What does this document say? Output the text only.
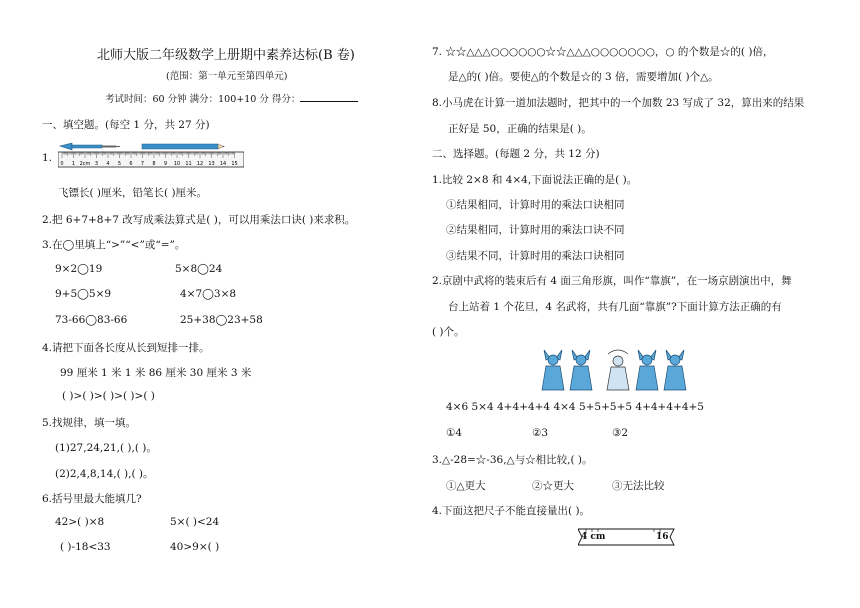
北师大版二年级数学上册期中素养达标(B 卷)
(范围：第一单元至第四单元)
考试时间：60 分钟 满分：100+10 分 得分：
一、填空题。(每空 1 分，共 27 分)
1. 0 1 2cm 3 4 5 6 7 8 9 10 11 12 13 14 15
飞镖长( )厘米，铅笔长( )厘米。
2.把 6+7+8+7 改写成乘法算式是( )，可以用乘法口诀( )来求积。
3.在◯里填上“>”“<”或“=”。
9×2◯19	5×8◯24
9+5◯5×9	4×7◯3×8
73-66◯83-66	25+38◯23+58
4.请把下面各长度从长到短排一排。
99 厘米 1 米 1 米 86 厘米 30 厘米 3 米
( )>( )>( )>( )>( )
5.找规律，填一填。
(1)27,24,21,( ),( )。
(2)2,4,8,14,( ),( )。
6.括号里最大能填几?
42>( )×8	5×( )<24
( )-18<33	40>9×( )
7. ☆☆△△△○○○○○○☆☆△△△○○○○○○○，○ 的个数是☆的( )倍，
是△的( )倍。要使△的个数是☆的 3 倍，需要增加( )个△。
8.小马虎在计算一道加法题时，把其中的一个加数 23 写成了 32，算出来的结果
正好是 50，正确的结果是( )。
二、选择题。(每题 2 分，共 12 分)
1.比较 2×8 和 4×4,下面说法正确的是( )。
①结果相同，计算时用的乘法口诀相同
②结果相同，计算时用的乘法口诀不同
③结果不同，计算时用的乘法口诀相同
2.京剧中武将的装束后有 4 面三角形旗，叫作“靠旗”，在一场京剧演出中，舞
台上站着 1 个花旦，4 名武将，共有几面“靠旗”?下面计算方法正确的有
( )个。
4×6 5×4 4+4+4+4 4×4 5+5+5+5 4+4+4+4+5
①4	②3	③2
3.△-28=☆-36,△与☆相比较,( )。
①△更大	②☆更大	③无法比较
4.下面这把尺子不能直接量出( )。
4 cm	16
